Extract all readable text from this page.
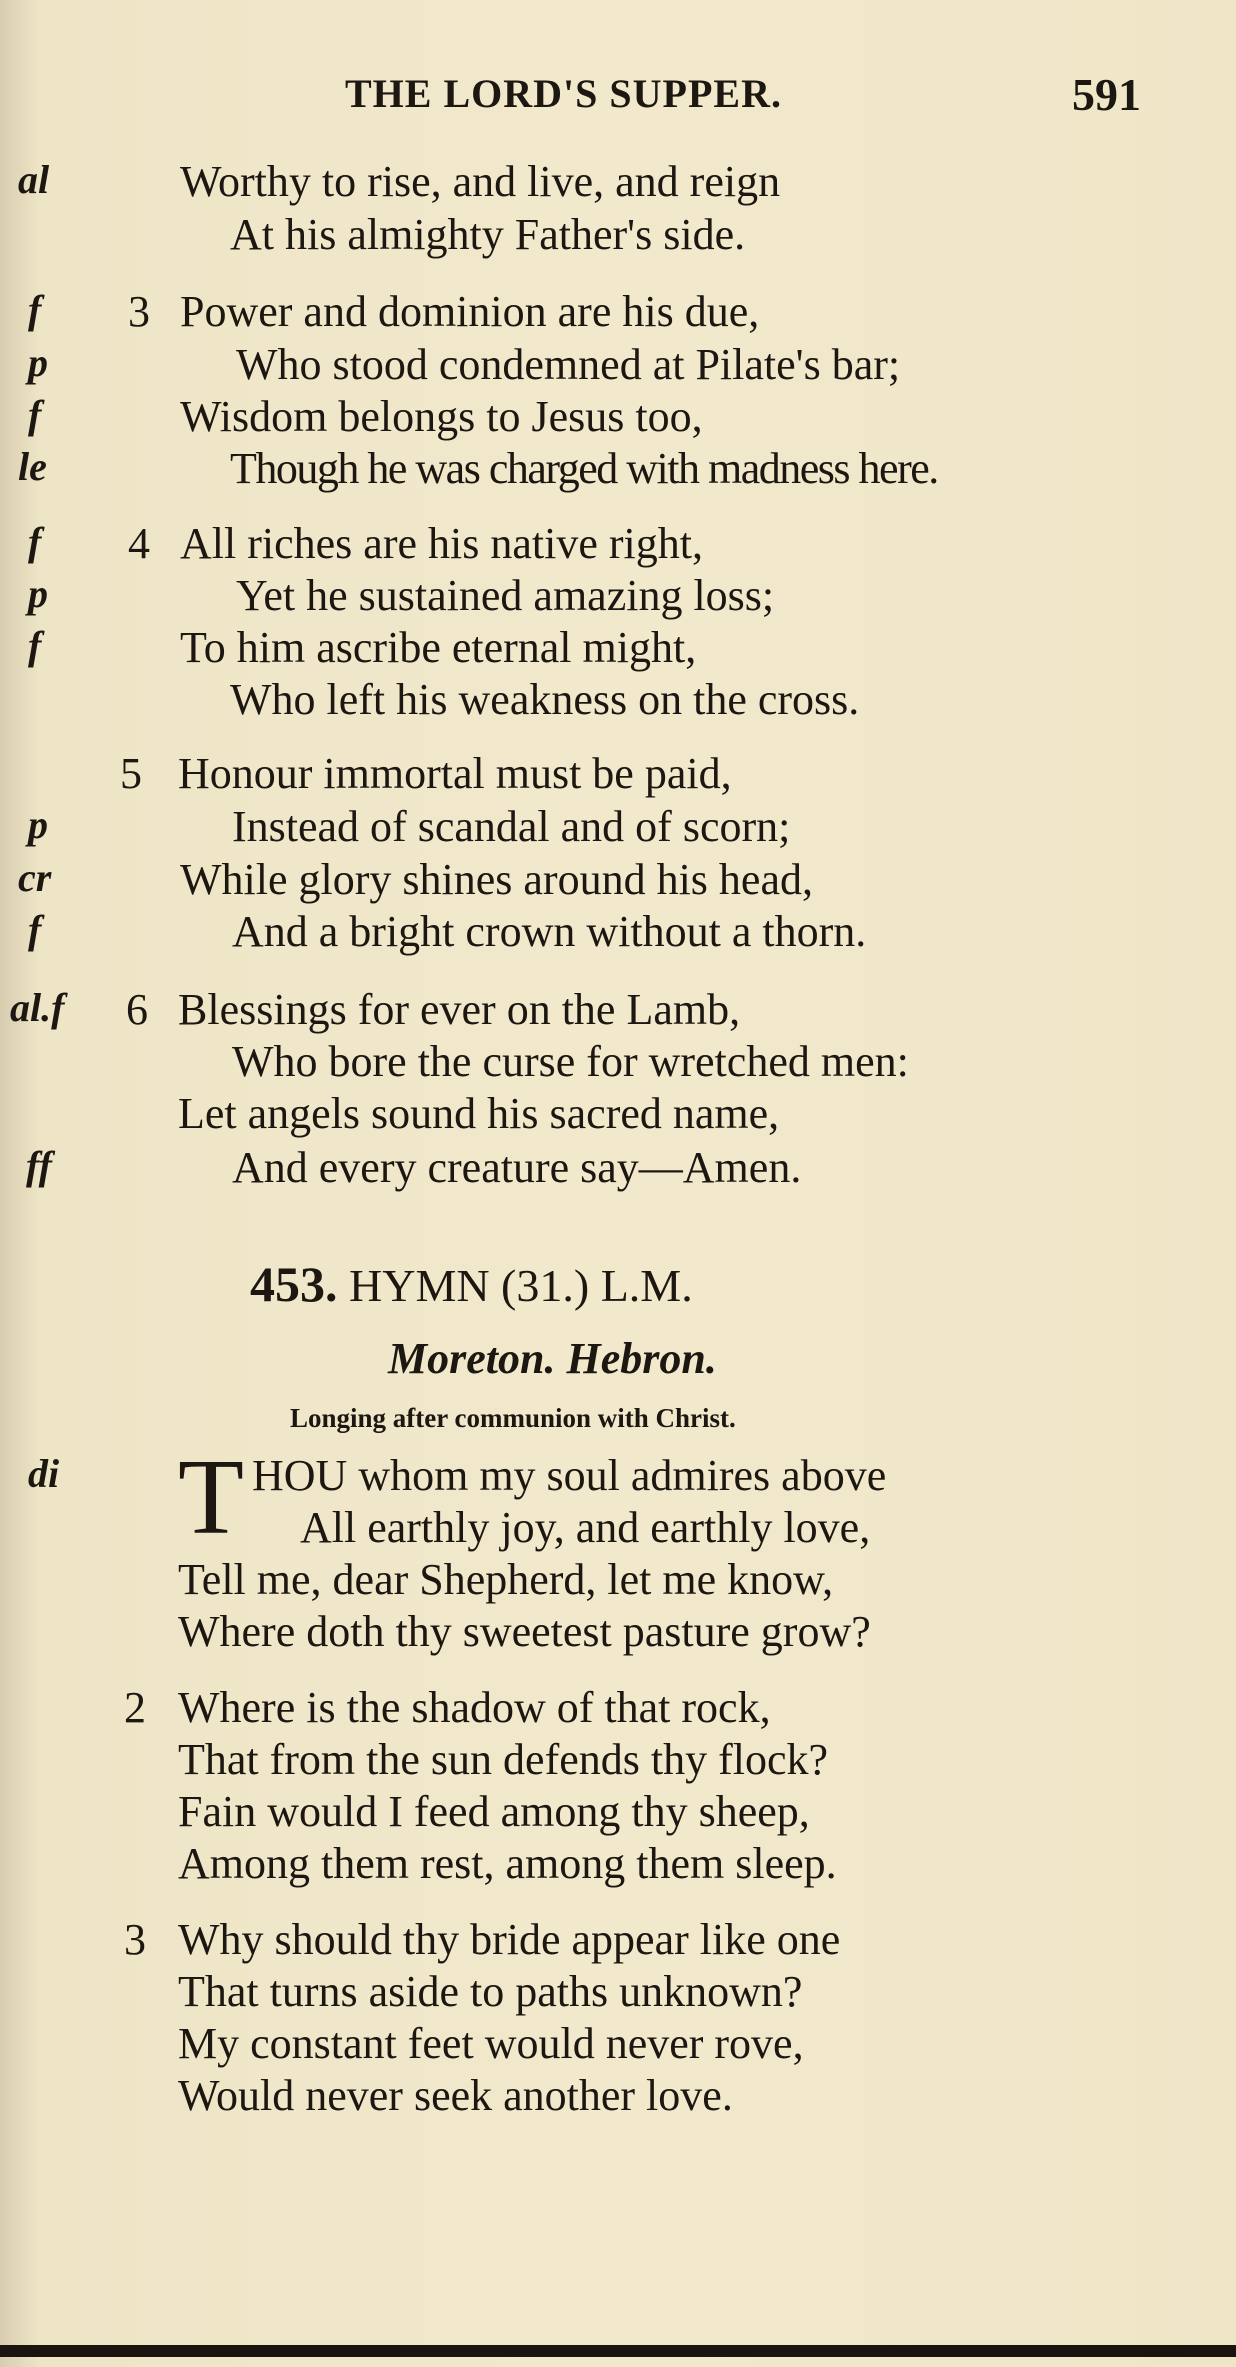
THE LORD'S SUPPER.	591
al	Worthy to rise, and live, and reign
At his almighty Father's side.
f 3 Power and dominion are his due,
p	Who stood condemned at Pilate's bar;
f	Wisdom belongs to Jesus too,
le	Though he was charged with madness here.
f 4 All riches are his native right,
p	Yet he sustained amazing loss;
f	To him ascribe eternal might,
Who left his weakness on the cross.
5 Honour immortal must be paid,
p	Instead of scandal and of scorn;
cr	While glory shines around his head,
f	And a bright crown without a thorn.
al.f 6 Blessings for ever on the Lamb,
Who bore the curse for wretched men:
Let angels sound his sacred name,
ff	And every creature say—Amen.
453. HYMN (31.) L.M.
Moreton. Hebron.
Longing after communion with Christ.
di T HOU whom my soul admires above
All earthly joy, and earthly love,
Tell me, dear Shepherd, let me know,
Where doth thy sweetest pasture grow?
2 Where is the shadow of that rock,
That from the sun defends thy flock?
Fain would I feed among thy sheep,
Among them rest, among them sleep.
3 Why should thy bride appear like one
That turns aside to paths unknown?
My constant feet would never rove,
Would never seek another love.
